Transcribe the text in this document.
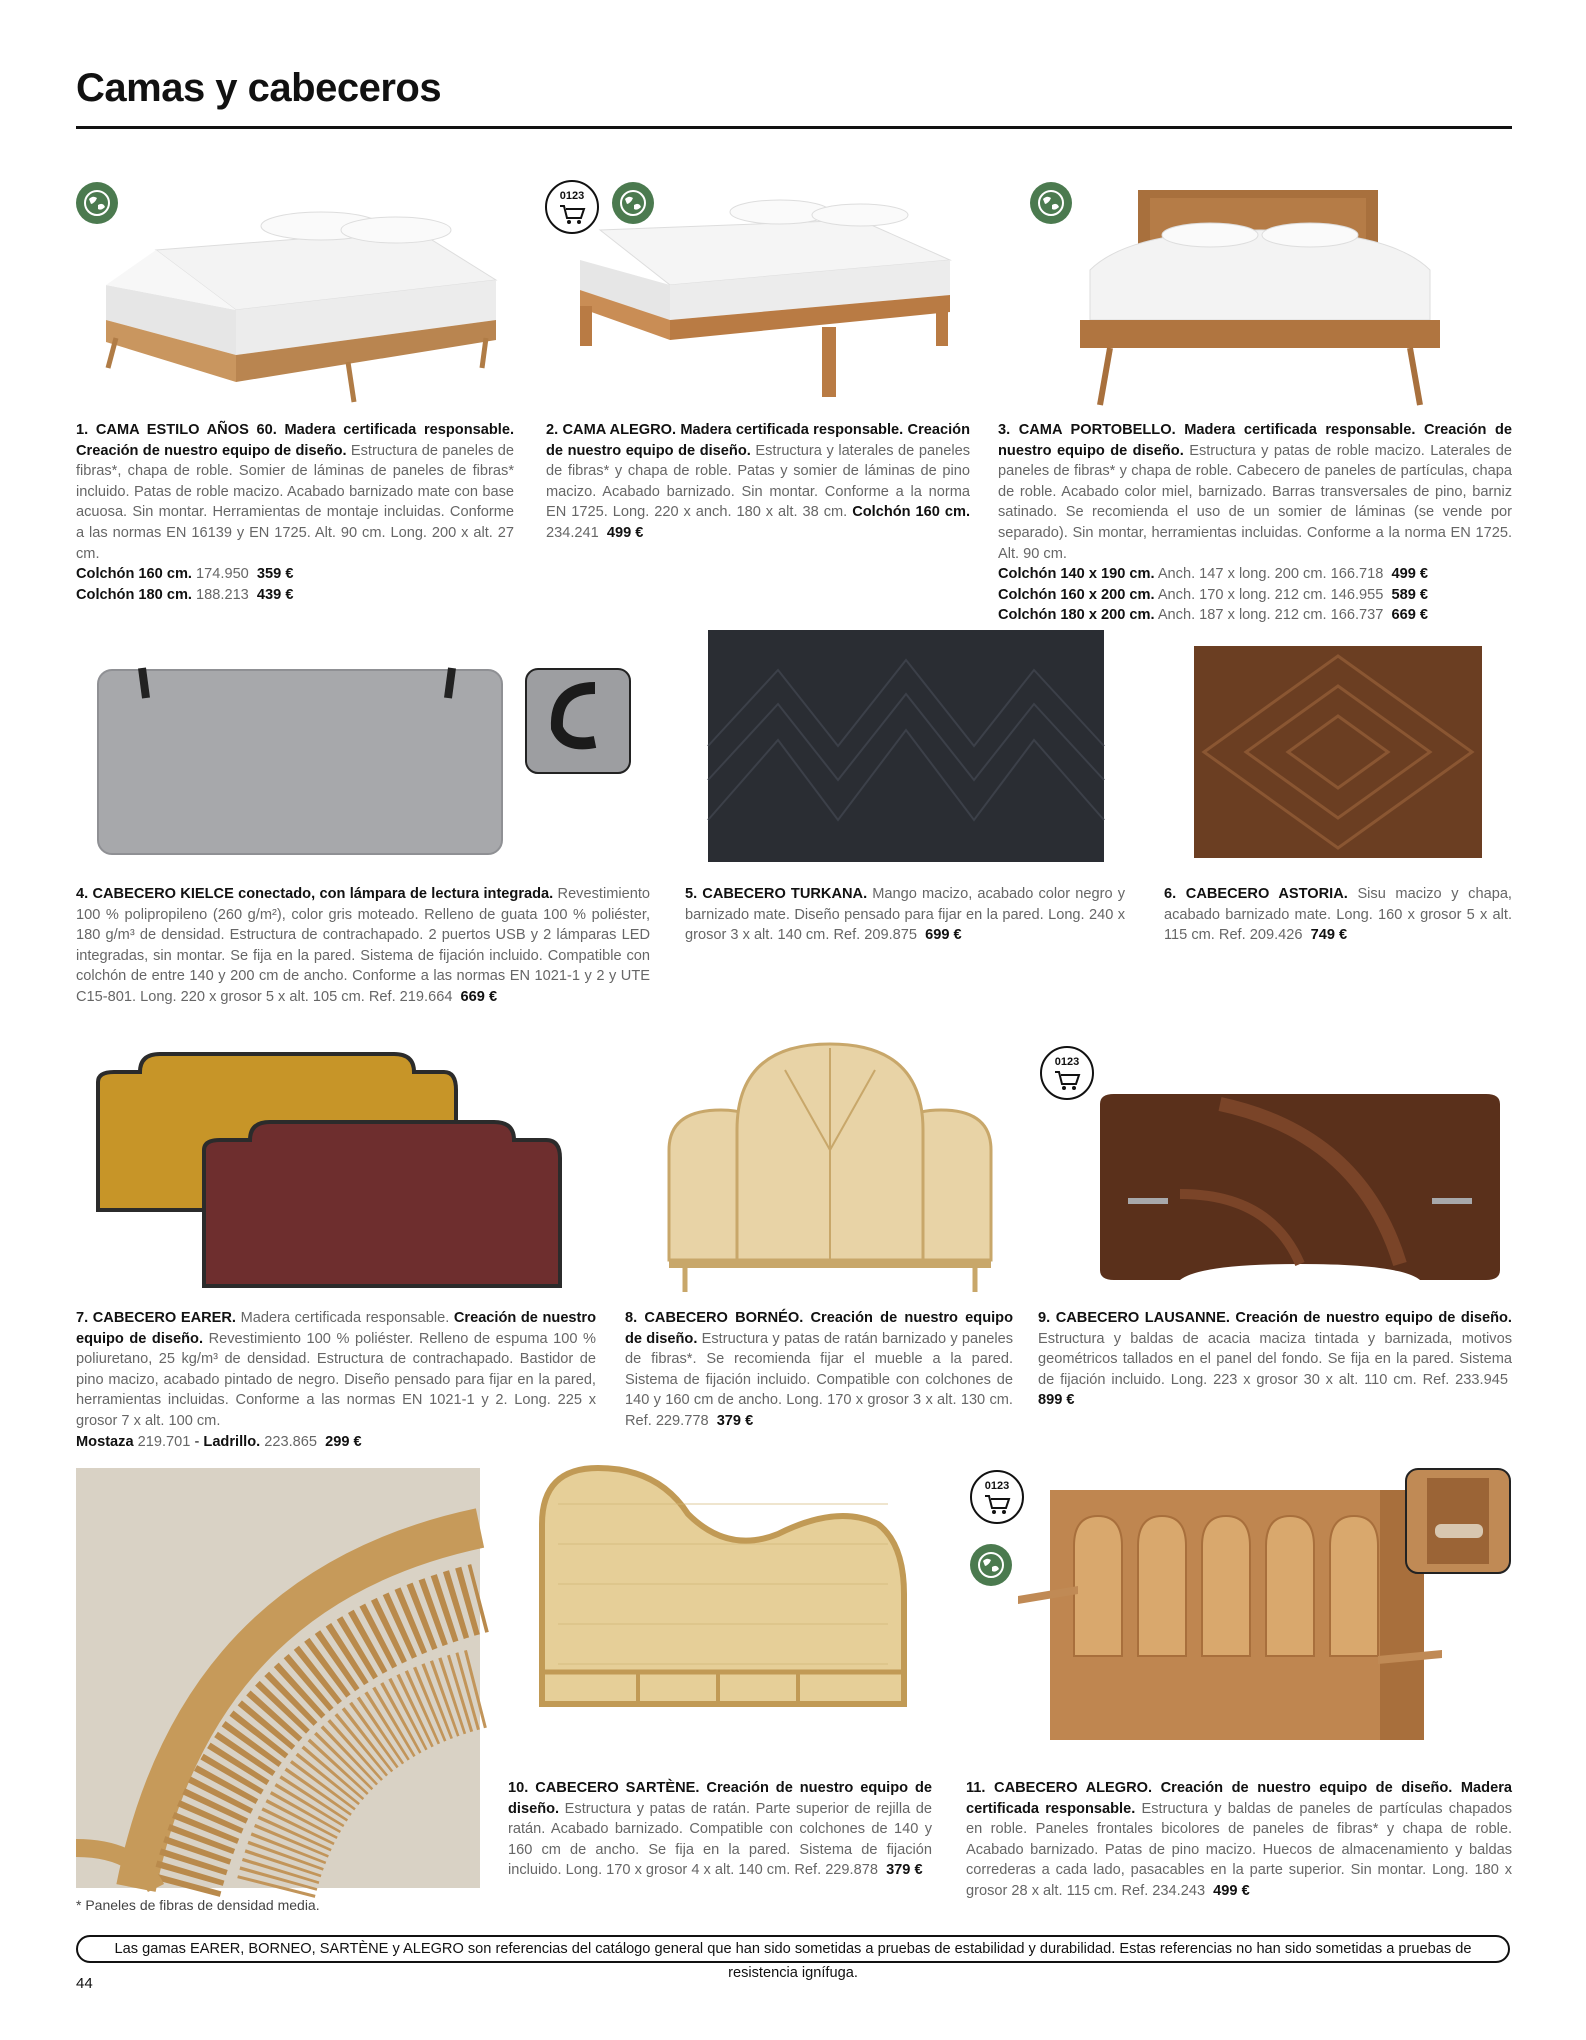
Camas y cabeceros
0123
1. CAMA ESTILO AÑOS 60. Madera certificada responsable. Creación de nuestro equipo de diseño. Estructura de paneles de fibras*, chapa de roble. Somier de láminas de paneles de fibras* incluido. Patas de roble macizo. Acabado barnizado mate con base acuosa. Sin montar. Herramientas de montaje incluidas. Conforme a las normas EN 16139 y EN 1725. Alt. 90 cm. Long. 200 x alt. 27 cm.
Colchón 160 cm. 174.950 359 €
Colchón 180 cm. 188.213 439 €
2. CAMA ALEGRO. Madera certificada responsable. Creación de nuestro equipo de diseño. Estructura y laterales de paneles de fibras* y chapa de roble. Patas y somier de láminas de pino macizo. Acabado barnizado. Sin montar. Conforme a la norma EN 1725. Long. 220 x anch. 180 x alt. 38 cm. Colchón 160 cm. 234.241 499 €
3. CAMA PORTOBELLO. Madera certificada responsable. Creación de nuestro equipo de diseño. Estructura y patas de roble macizo. Laterales de paneles de fibras* y chapa de roble. Cabecero de paneles de partículas, chapa de roble. Acabado color miel, barnizado. Barras transversales de pino, barniz satinado. Se recomienda el uso de un somier de láminas (se vende por separado). Sin montar, herramientas incluidas. Conforme a la norma EN 1725. Alt. 90 cm.
Colchón 140 x 190 cm. Anch. 147 x long. 200 cm. 166.718 499 €
Colchón 160 x 200 cm. Anch. 170 x long. 212 cm. 146.955 589 €
Colchón 180 x 200 cm. Anch. 187 x long. 212 cm. 166.737 669 €
4. CABECERO KIELCE conectado, con lámpara de lectura integrada. Revestimiento 100 % polipropileno (260 g/m²), color gris moteado. Relleno de guata 100 % poliéster, 180 g/m³ de densidad. Estructura de contrachapado. 2 puertos USB y 2 lámparas LED integradas, sin montar. Se fija en la pared. Sistema de fijación incluido. Compatible con colchón de entre 140 y 200 cm de ancho. Conforme a las normas EN 1021-1 y 2 y UTE C15-801. Long. 220 x grosor 5 x alt. 105 cm. Ref. 219.664 669 €
5. CABECERO TURKANA. Mango macizo, acabado color negro y barnizado mate. Diseño pensado para fijar en la pared. Long. 240 x grosor 3 x alt. 140 cm. Ref. 209.875 699 €
6. CABECERO ASTORIA. Sisu macizo y chapa, acabado barnizado mate. Long. 160 x grosor 5 x alt. 115 cm. Ref. 209.426 749 €
0123
7. CABECERO EARER. Madera certificada responsable. Creación de nuestro equipo de diseño. Revestimiento 100 % poliéster. Relleno de espuma 100 % poliuretano, 25 kg/m³ de densidad. Estructura de contrachapado. Bastidor de pino macizo, acabado pintado de negro. Diseño pensado para fijar en la pared, herramientas incluidas. Conforme a las normas EN 1021-1 y 2. Long. 225 x grosor 7 x alt. 100 cm.
Mostaza 219.701 - Ladrillo. 223.865 299 €
8. CABECERO BORNÉO. Creación de nuestro equipo de diseño. Estructura y patas de ratán barnizado y paneles de fibras*. Se recomienda fijar el mueble a la pared. Sistema de fijación incluido. Compatible con colchones de 140 y 160 cm de ancho. Long. 170 x grosor 3 x alt. 130 cm. Ref. 229.778 379 €
9. CABECERO LAUSANNE. Creación de nuestro equipo de diseño. Estructura y baldas de acacia maciza tintada y barnizada, motivos geométricos tallados en el panel del fondo. Se fija en la pared. Sistema de fijación incluido. Long. 223 x grosor 30 x alt. 110 cm. Ref. 233.945  899 €
0123
10. CABECERO SARTÈNE. Creación de nuestro equipo de diseño. Estructura y patas de ratán. Parte superior de rejilla de ratán. Acabado barnizado. Compatible con colchones de 140 y 160 cm de ancho. Se fija en la pared. Sistema de fijación incluido. Long. 170 x grosor 4 x alt. 140 cm. Ref. 229.878 379 €
11. CABECERO ALEGRO. Creación de nuestro equipo de diseño. Madera certificada responsable. Estructura y baldas de paneles de partículas chapados en roble. Paneles frontales bicolores de paneles de fibras* y chapa de roble. Acabado barnizado. Patas de pino macizo. Huecos de almacenamiento y baldas correderas a cada lado, pasacables en la parte superior. Sin montar. Long. 180 x grosor 28 x alt. 115 cm. Ref. 234.243 499 €
* Paneles de fibras de densidad media.
Las gamas EARER, BORNEO, SARTÈNE y ALEGRO son referencias del catálogo general que han sido sometidas a pruebas de estabilidad y durabilidad. Estas referencias no han sido sometidas a pruebas de resistencia ignífuga.
44
